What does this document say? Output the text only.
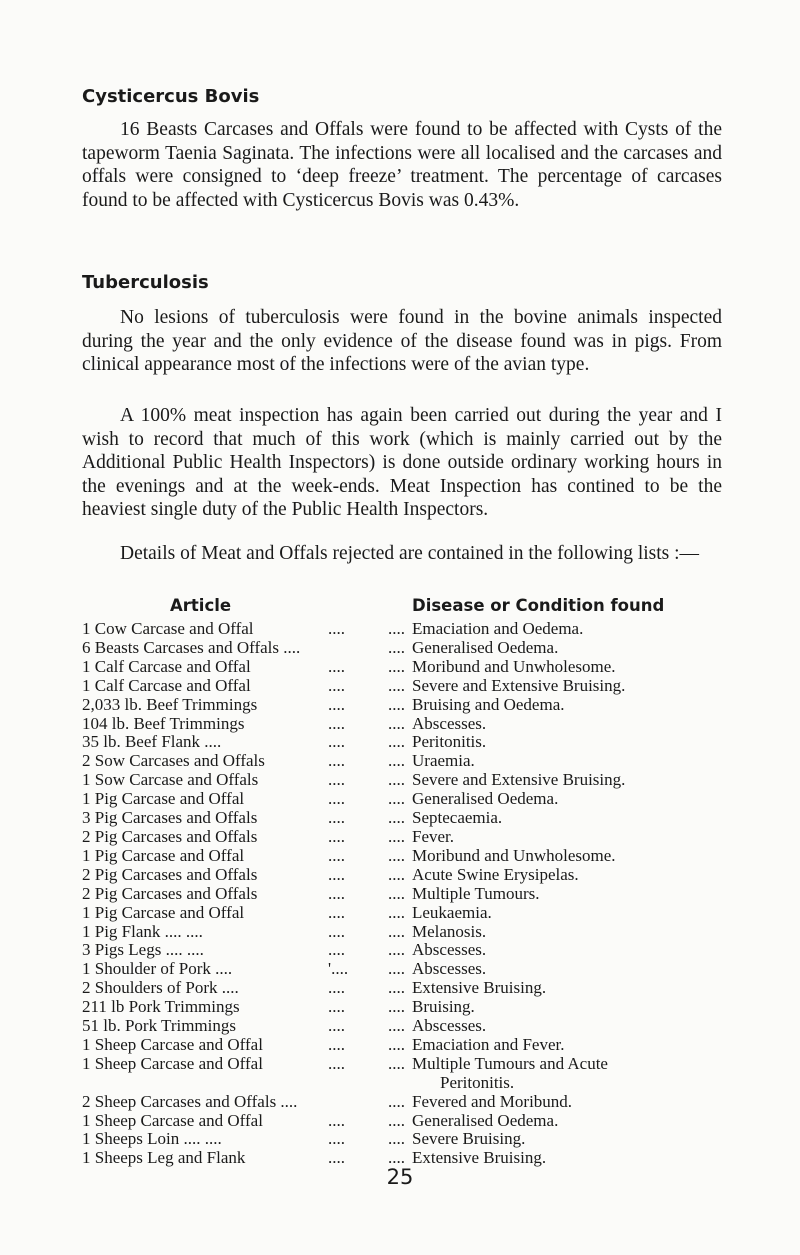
Cysticercus Bovis

16 Beasts Carcases and Offals were found to be affected with Cysts of the tapeworm Taenia Saginata. The infections were all localised and the carcases and offals were consigned to ‘deep freeze’ treatment. The percentage of carcases found to be affected with Cysticercus Bovis was 0.43%.

Tuberculosis

No lesions of tuberculosis were found in the bovine animals inspected during the year and the only evidence of the disease found was in pigs. From clinical appearance most of the infections were of the avian type.

A 100% meat inspection has again been carried out during the year and I wish to record that much of this work (which is mainly carried out by the Additional Public Health Inspectors) is done outside ordinary working hours in the evenings and at the week-ends. Meat Inspection has contined to be the heaviest single duty of the Public Health Inspectors.

Details of Meat and Offals rejected are contained in the following lists :—

Article	Disease or Condition found
1 Cow Carcase and Offal	....	.... Emaciation and Oedema.
6 Beasts Carcases and Offals ....	.... Generalised Oedema.
1 Calf Carcase and Offal	....	.... Moribund and Unwholesome.
1 Calf Carcase and Offal	....	.... Severe and Extensive Bruising.
2,033 lb. Beef Trimmings	....	.... Bruising and Oedema.
104 lb. Beef Trimmings	....	.... Abscesses.
35 lb. Beef Flank ....	....	.... Peritonitis.
2 Sow Carcases and Offals	....	.... Uraemia.
1 Sow Carcase and Offals	....	.... Severe and Extensive Bruising.
1 Pig Carcase and Offal	....	.... Generalised Oedema.
3 Pig Carcases and Offals	....	.... Septecaemia.
2 Pig Carcases and Offals	....	.... Fever.
1 Pig Carcase and Offal	....	.... Moribund and Unwholesome.
2 Pig Carcases and Offals	....	.... Acute Swine Erysipelas.
2 Pig Carcases and Offals	....	.... Multiple Tumours.
1 Pig Carcase and Offal	....	.... Leukaemia.
1 Pig Flank .... ....	....	.... Melanosis.
3 Pigs Legs .... ....	....	.... Abscesses.
1 Shoulder of Pork ....	'....	.... Abscesses.
2 Shoulders of Pork ....	....	.... Extensive Bruising.
211 lb Pork Trimmings	....	.... Bruising.
51 lb. Pork Trimmings	....	.... Abscesses.
1 Sheep Carcase and Offal	....	.... Emaciation and Fever.
1 Sheep Carcase and Offal	....	.... Multiple Tumours and Acute
Peritonitis.
2 Sheep Carcases and Offals ....	.... Fevered and Moribund.
1 Sheep Carcase and Offal	....	.... Generalised Oedema.
1 Sheeps Loin .... ....	....	.... Severe Bruising.
1 Sheeps Leg and Flank	....	.... Extensive Bruising.
25
